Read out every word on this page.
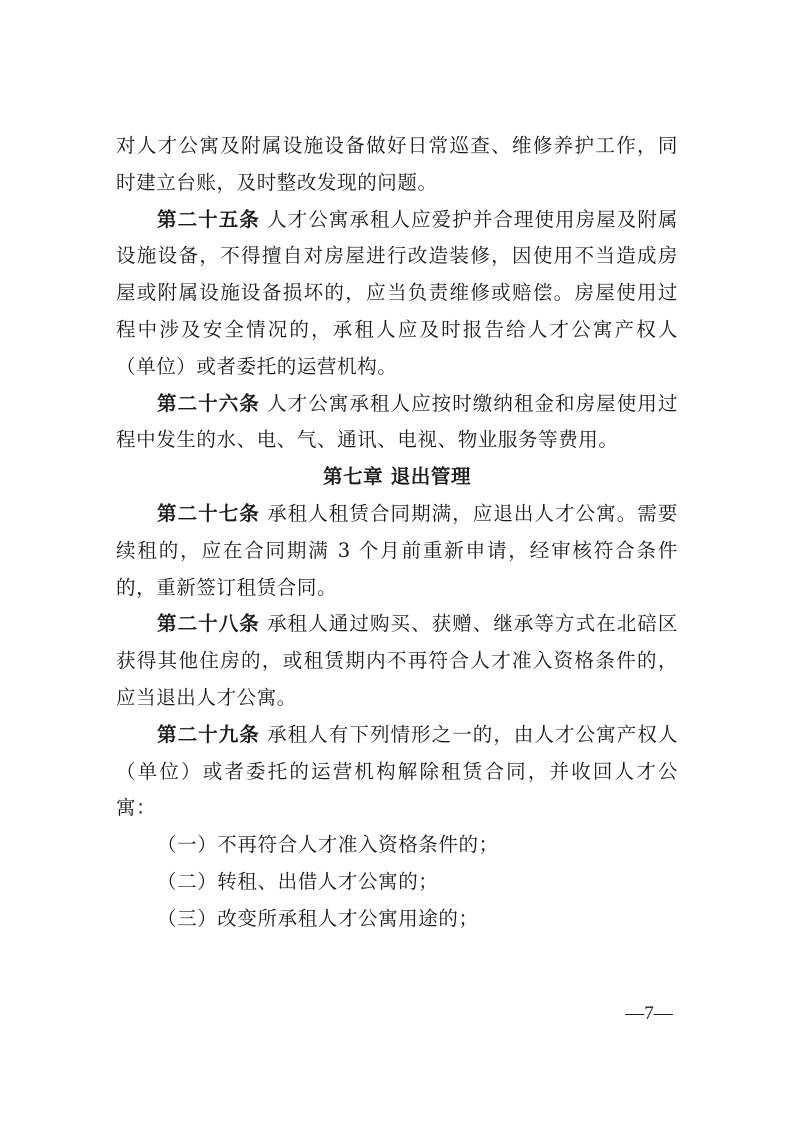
对人才公寓及附属设施设备做好日常巡查、维修养护工作，同时建立台账，及时整改发现的问题。

第二十五条 人才公寓承租人应爱护并合理使用房屋及附属设施设备，不得擅自对房屋进行改造装修，因使用不当造成房屋或附属设施设备损坏的，应当负责维修或赔偿。房屋使用过程中涉及安全情况的，承租人应及时报告给人才公寓产权人（单位）或者委托的运营机构。

第二十六条 人才公寓承租人应按时缴纳租金和房屋使用过程中发生的水、电、气、通讯、电视、物业服务等费用。

第七章 退出管理

第二十七条 承租人租赁合同期满，应退出人才公寓。需要续租的，应在合同期满 3 个月前重新申请，经审核符合条件的，重新签订租赁合同。

第二十八条 承租人通过购买、获赠、继承等方式在北碚区获得其他住房的，或租赁期内不再符合人才准入资格条件的，应当退出人才公寓。

第二十九条 承租人有下列情形之一的，由人才公寓产权人（单位）或者委托的运营机构解除租赁合同，并收回人才公寓：

（一）不再符合人才准入资格条件的；

（二）转租、出借人才公寓的；

（三）改变所承租人才公寓用途的；

—7—
